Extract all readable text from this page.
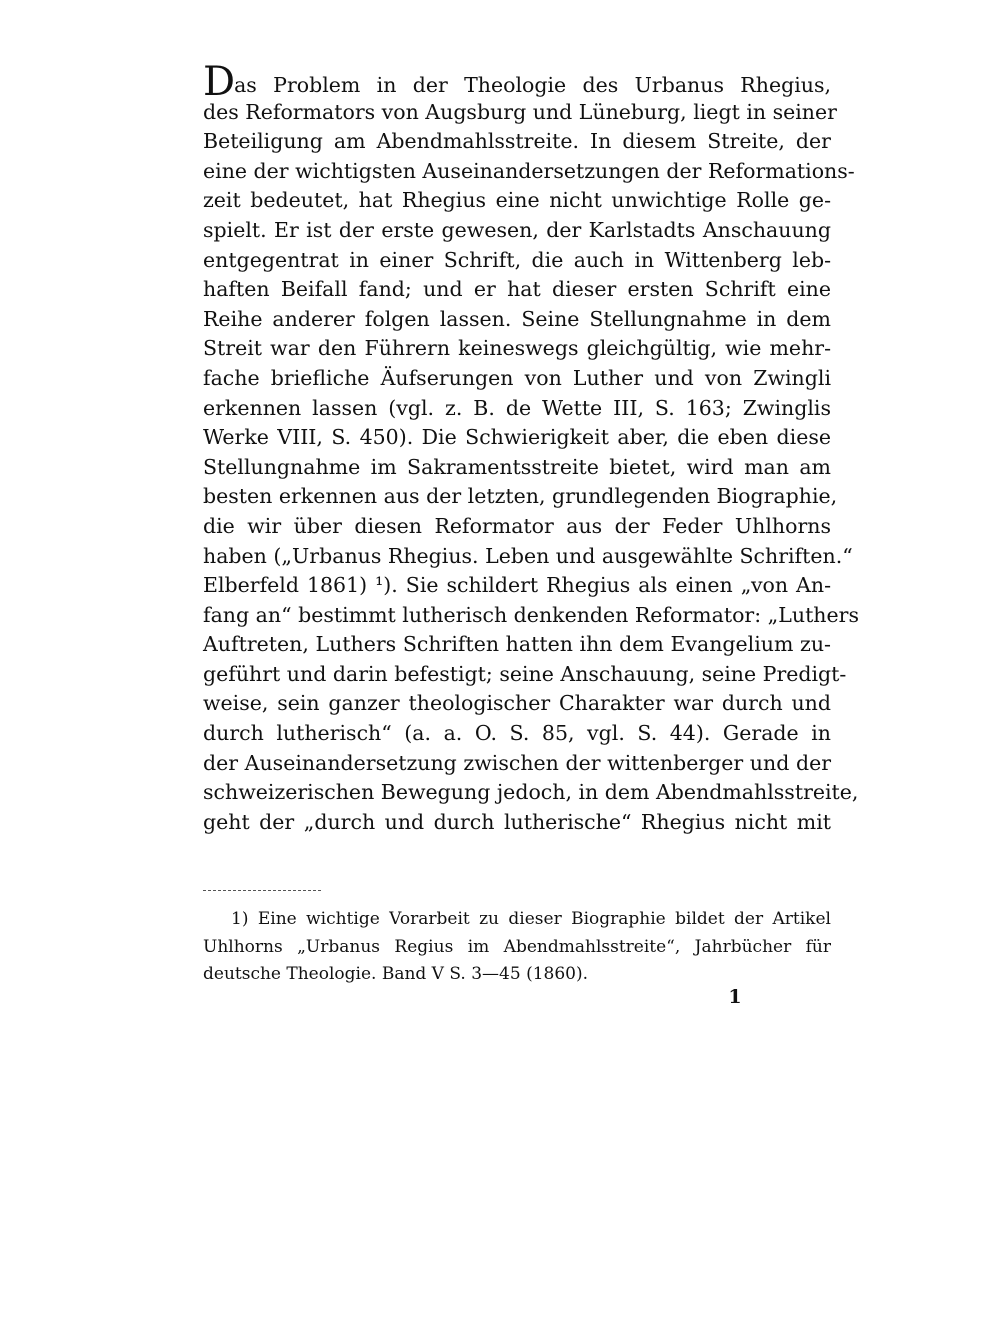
Das Problem in der Theologie des Urbanus Rhegius,
des Reformators von Augsburg und Lüneburg, liegt in seiner
Beteiligung am Abendmahlsstreite. In diesem Streite, der
eine der wichtigsten Auseinandersetzungen der Reformations-
zeit bedeutet, hat Rhegius eine nicht unwichtige Rolle ge-
spielt. Er ist der erste gewesen, der Karlstadts Anschauung
entgegentrat in einer Schrift, die auch in Wittenberg leb-
haften Beifall fand; und er hat dieser ersten Schrift eine
Reihe anderer folgen lassen. Seine Stellungnahme in dem
Streit war den Führern keineswegs gleichgültig, wie mehr-
fache briefliche Äufserungen von Luther und von Zwingli
erkennen lassen (vgl. z. B. de Wette III, S. 163; Zwinglis
Werke VIII, S. 450). Die Schwierigkeit aber, die eben diese
Stellungnahme im Sakramentsstreite bietet, wird man am
besten erkennen aus der letzten, grundlegenden Biographie,
die wir über diesen Reformator aus der Feder Uhlhorns
haben („Urbanus Rhegius. Leben und ausgewählte Schriften.“
Elberfeld 1861) ¹). Sie schildert Rhegius als einen „von An-
fang an“ bestimmt lutherisch denkenden Reformator: „Luthers
Auftreten, Luthers Schriften hatten ihn dem Evangelium zu-
geführt und darin befestigt; seine Anschauung, seine Predigt-
weise, sein ganzer theologischer Charakter war durch und
durch lutherisch“ (a. a. O. S. 85, vgl. S. 44). Gerade in
der Auseinandersetzung zwischen der wittenberger und der
schweizerischen Bewegung jedoch, in dem Abendmahlsstreite,
geht der „durch und durch lutherische“ Rhegius nicht mit
1) Eine wichtige Vorarbeit zu dieser Biographie bildet der Artikel
Uhlhorns „Urbanus Regius im Abendmahlsstreite“, Jahrbücher für
deutsche Theologie. Band V S. 3—45 (1860).
1
